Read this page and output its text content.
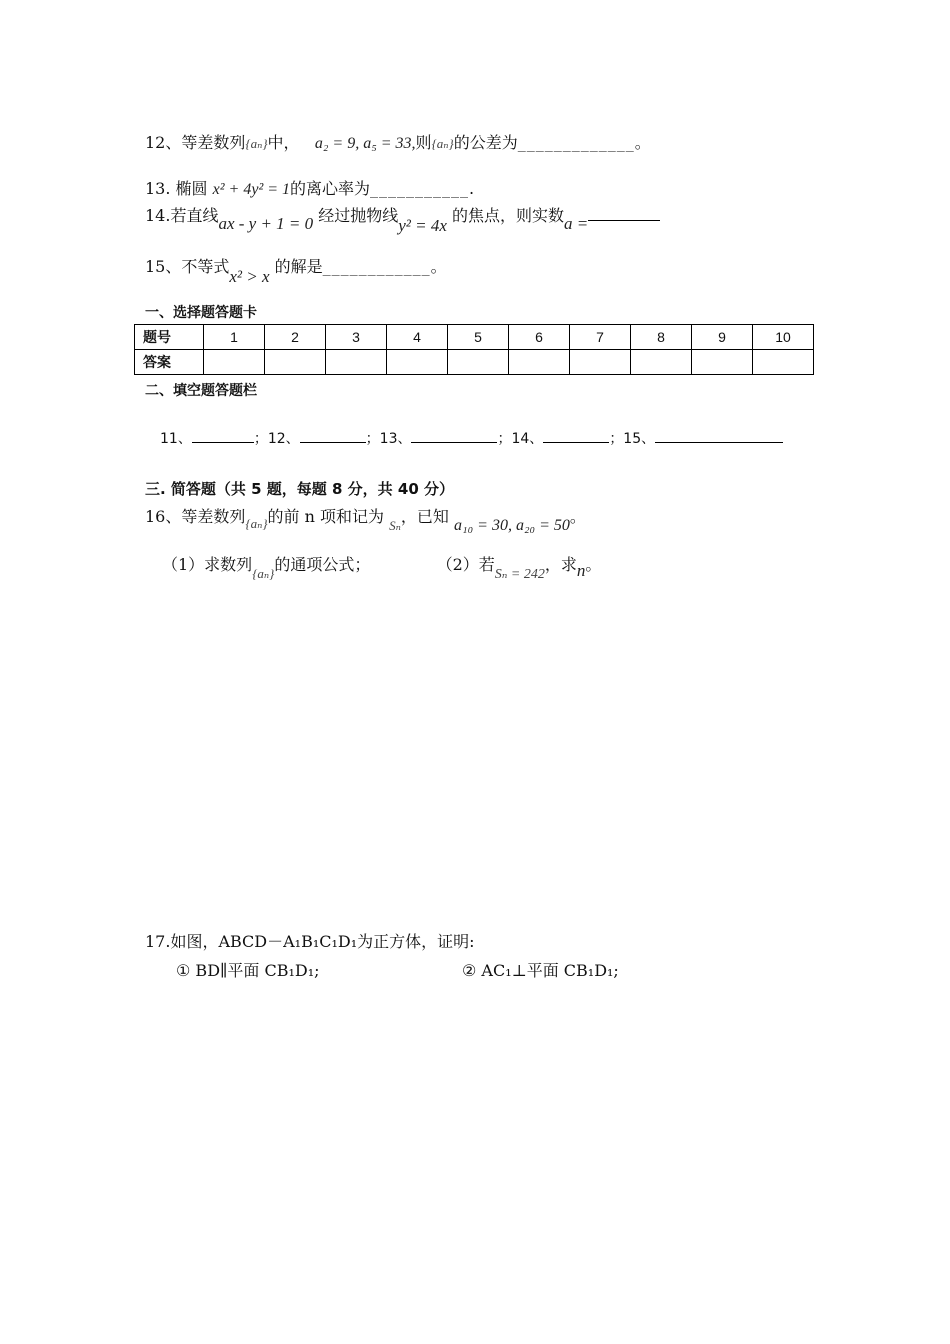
12、等差数列{aₙ}中， a₂ = 9, a₅ = 33,则{aₙ}的公差为_____________。
13. 椭圆 x² + 4y² = 1的离心率为___________.
14.若直线ax - y + 1 = 0 经过抛物线y² = 4x 的焦点，则实数a =
15、不等式x² > x 的解是____________。
一、选择题答题卡
题号	1	2	3	4	5	6	7	8	9	10
答案										
二、填空题答题栏
11、	；12、	；13、	；14、	；15、
三. 简答题（共 5 题，每题 8 分，共 40 分）
16、等差数列$_{\{a_n\}}$的前 n 项和记为 $_{S_n}$，已知 a₁₀ = 30, a₂₀ = 50。
（1）求数列$_{\{a_n\}}$的通项公式；	（2）若Sₙ = 242，求n。
17.如图，ABCD－A₁B₁C₁D₁为正方体，证明:
① BD∥平面 CB₁D₁;	② AC₁⊥平面 CB₁D₁;
